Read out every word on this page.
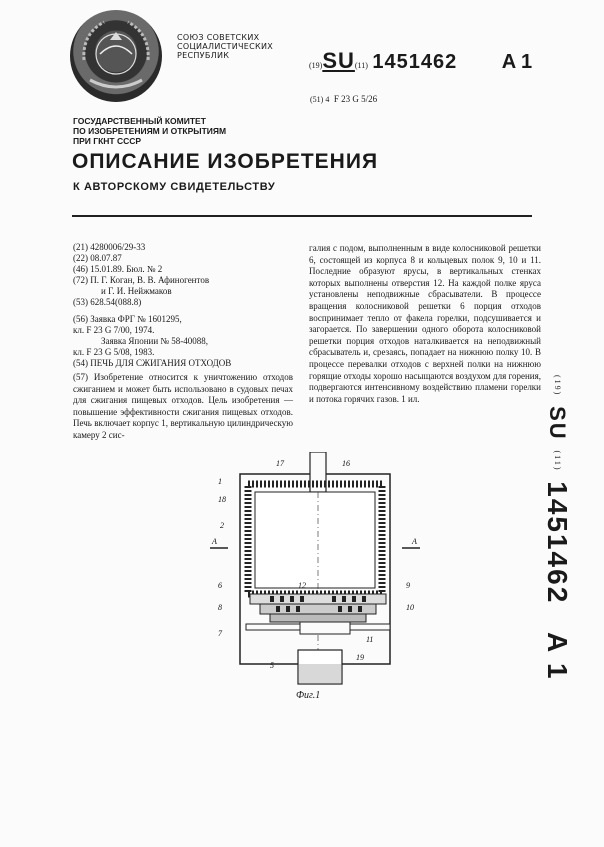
СОЮЗ СОВЕТСКИХ
СОЦИАЛИСТИЧЕСКИХ
РЕСПУБЛИК
(19)SU(11) 1451462 A 1
(51) 4 F 23 G 5/26
ГОСУДАРСТВЕННЫЙ КОМИТЕТ
ПО ИЗОБРЕТЕНИЯМ И ОТКРЫТИЯМ
ПРИ ГКНТ СССР
ОПИСАНИЕ ИЗОБРЕТЕНИЯ
К АВТОРСКОМУ СВИДЕТЕЛЬСТВУ
(21) 4280006/29-33
(22) 08.07.87
(46) 15.01.89. Бюл. № 2
(72) П. Г. Коган, В. В. Афиногентов
и Г. И. Нейжмаков
(53) 628.54(088.8)
(56) Заявка ФРГ № 1601295,
кл. F 23 G 7/00, 1974.
Заявка Японии № 58-40088,
кл. F 23 G 5/08, 1983.
(54) ПЕЧЬ ДЛЯ СЖИГАНИЯ ОТХОДОВ
(57) Изобретение относится к уничтожению отходов сжиганием и может быть использовано в судовых печах для сжигания пищевых отходов. Цель изобретения — повышение эффективности сжигания пищевых отходов. Печь включает корпус 1, вертикальную цилиндрическую камеру 2 сис-
галия с подом, выполненным в виде колосниковой решетки 6, состоящей из корпуса 8 и кольцевых полок 9, 10 и 11. Последние образуют ярусы, в вертикальных стенках которых выполнены отверстия 12. На каждой полке яруса установлены неподвижные сбрасыватели. В процессе вращения колосниковой решетки 6 порция отходов воспринимает тепло от факела горелки, подсушивается и загорается. По завершении одного оборота колосниковой решетки порция отходов наталкивается на неподвижный сбрасыватель и, срезаясь, попадает на нижнюю полку 10. В процессе перевалки отходов с верхней полки на нижнюю горящие отходы хорошо насыщаются воздухом для горения, подвергаются интенсивному воздействию пламени горелки и потока горячих газов. 1 ил.
(19) SU (11) 1451462 A 1
17	16
1
18
2
A	A
6
8
7
12	9
10
11
5
19
Фиг.1
